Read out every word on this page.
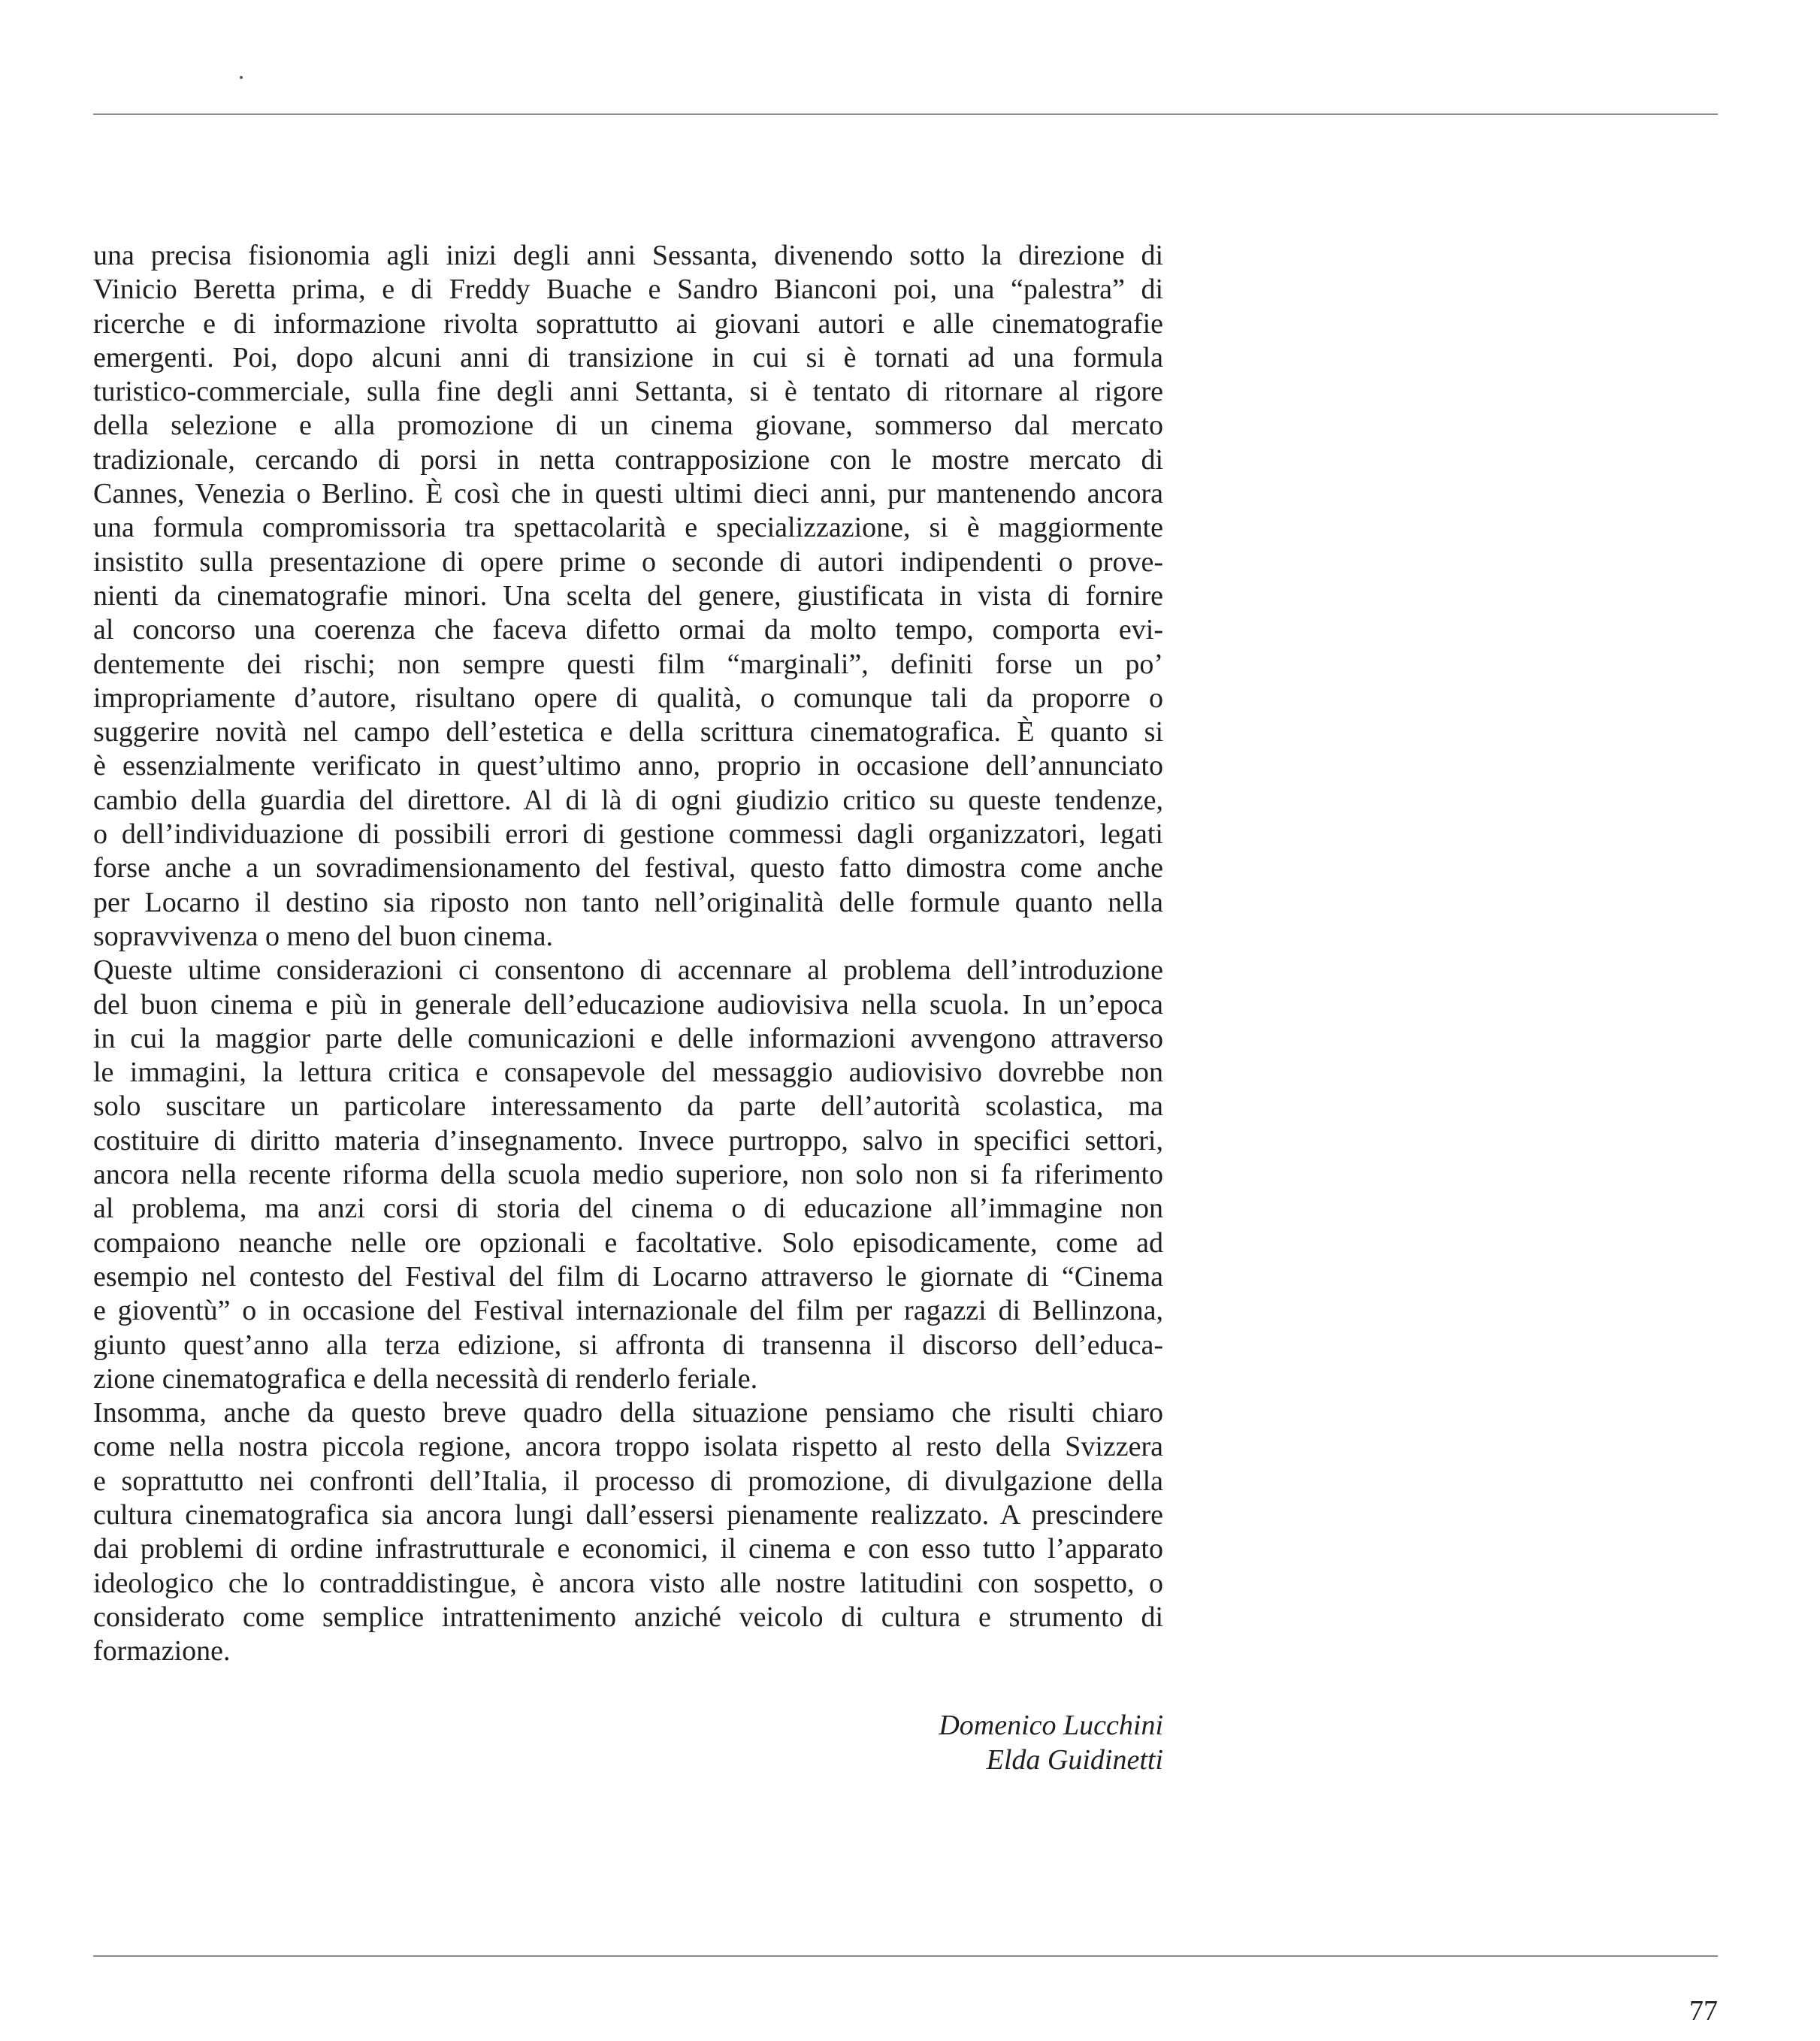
una precisa fisionomia agli inizi degli anni Sessanta, divenendo sotto la direzione di
Vinicio Beretta prima, e di Freddy Buache e Sandro Bianconi poi, una “palestra” di
ricerche e di informazione rivolta soprattutto ai giovani autori e alle cinematografie
emergenti. Poi, dopo alcuni anni di transizione in cui si è tornati ad una formula
turistico-commerciale, sulla fine degli anni Settanta, si è tentato di ritornare al rigore
della selezione e alla promozione di un cinema giovane, sommerso dal mercato
tradizionale, cercando di porsi in netta contrapposizione con le mostre mercato di
Cannes, Venezia o Berlino. È così che in questi ultimi dieci anni, pur mantenendo ancora
una formula compromissoria tra spettacolarità e specializzazione, si è maggiormente
insistito sulla presentazione di opere prime o seconde di autori indipendenti o prove-
nienti da cinematografie minori. Una scelta del genere, giustificata in vista di fornire
al concorso una coerenza che faceva difetto ormai da molto tempo, comporta evi-
dentemente dei rischi; non sempre questi film “marginali”, definiti forse un po’
impropriamente d’autore, risultano opere di qualità, o comunque tali da proporre o
suggerire novità nel campo dell’estetica e della scrittura cinematografica. È quanto si
è essenzialmente verificato in quest’ultimo anno, proprio in occasione dell’annunciato
cambio della guardia del direttore. Al di là di ogni giudizio critico su queste tendenze,
o dell’individuazione di possibili errori di gestione commessi dagli organizzatori, legati
forse anche a un sovradimensionamento del festival, questo fatto dimostra come anche
per Locarno il destino sia riposto non tanto nell’originalità delle formule quanto nella
sopravvivenza o meno del buon cinema.
Queste ultime considerazioni ci consentono di accennare al problema dell’introduzione
del buon cinema e più in generale dell’educazione audiovisiva nella scuola. In un’epoca
in cui la maggior parte delle comunicazioni e delle informazioni avvengono attraverso
le immagini, la lettura critica e consapevole del messaggio audiovisivo dovrebbe non
solo suscitare un particolare interessamento da parte dell’autorità scolastica, ma
costituire di diritto materia d’insegnamento. Invece purtroppo, salvo in specifici settori,
ancora nella recente riforma della scuola medio superiore, non solo non si fa riferimento
al problema, ma anzi corsi di storia del cinema o di educazione all’immagine non
compaiono neanche nelle ore opzionali e facoltative. Solo episodicamente, come ad
esempio nel contesto del Festival del film di Locarno attraverso le giornate di “Cinema
e gioventù” o in occasione del Festival internazionale del film per ragazzi di Bellinzona,
giunto quest’anno alla terza edizione, si affronta di transenna il discorso dell’educa-
zione cinematografica e della necessità di renderlo feriale.
Insomma, anche da questo breve quadro della situazione pensiamo che risulti chiaro
come nella nostra piccola regione, ancora troppo isolata rispetto al resto della Svizzera
e soprattutto nei confronti dell’Italia, il processo di promozione, di divulgazione della
cultura cinematografica sia ancora lungi dall’essersi pienamente realizzato. A prescindere
dai problemi di ordine infrastrutturale e economici, il cinema e con esso tutto l’apparato
ideologico che lo contraddistingue, è ancora visto alle nostre latitudini con sospetto, o
considerato come semplice intrattenimento anziché veicolo di cultura e strumento di
formazione.
Domenico Lucchini
Elda Guidinetti
77
